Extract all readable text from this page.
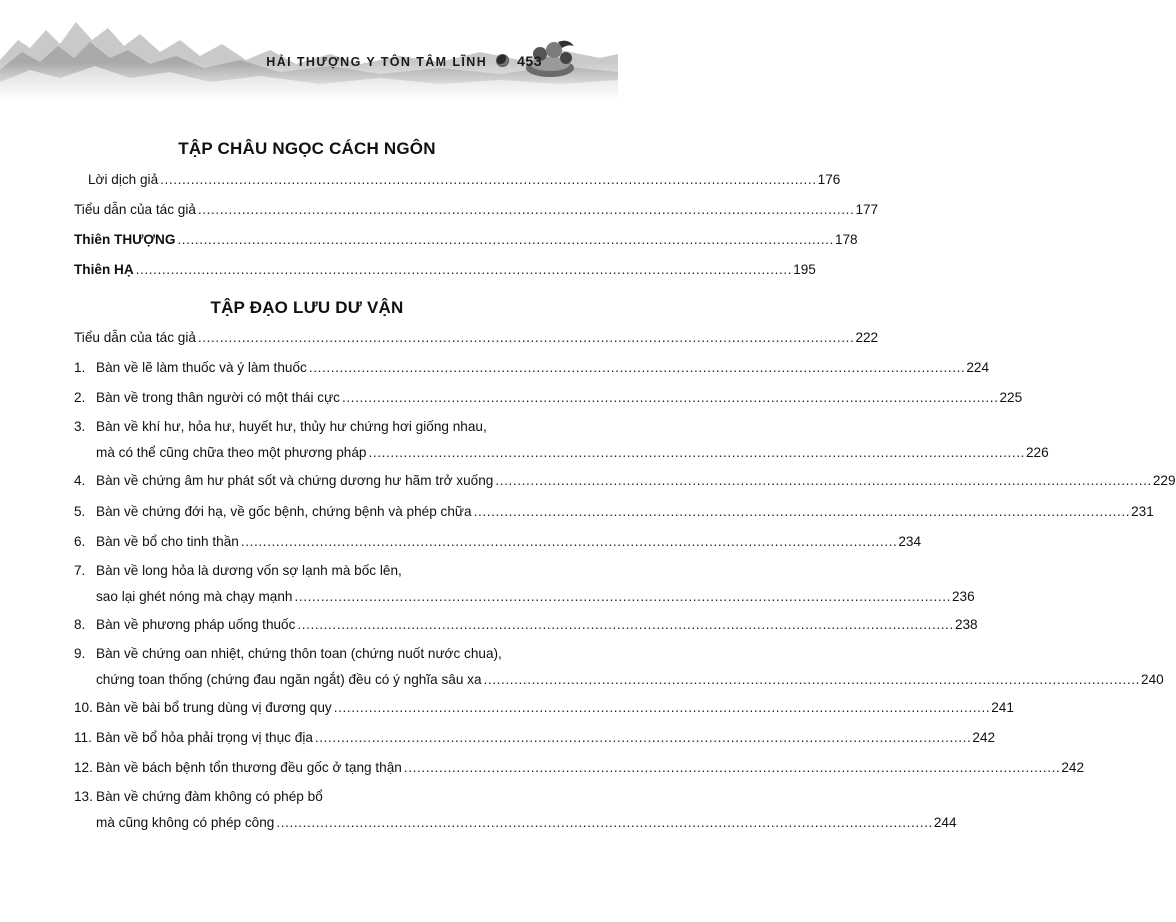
HẢI THƯỢNG Y TÔN TÂM LĨNH 453
TẬP CHÂU NGỌC CÁCH NGÔN
Lời dịch giả ...................................................................................................................................................... 176
Tiểu dẫn của tác giả ...................................................................................................................................................... 177
Thiên THƯỢNG ...................................................................................................................................................... 178
Thiên HẠ ...................................................................................................................................................... 195
TẬP ĐẠO LƯU DƯ VẬN
Tiểu dẫn của tác giả ...................................................................................................................................................... 222
1. Bàn về lẽ làm thuốc và ý làm thuốc ...................................................................................................................................................... 224
2. Bàn về trong thân người có một thái cực ...................................................................................................................................................... 225
3. Bàn về khí hư, hỏa hư, huyết hư, thủy hư chứng hơi giống nhau,
mà có thể cũng chữa theo một phương pháp ...................................................................................................................................................... 226
4. Bàn về chứng âm hư phát sốt và chứng dương hư hãm trở xuống ...................................................................................................................................................... 229
5. Bàn về chứng đới hạ, về gốc bệnh, chứng bệnh và phép chữa ...................................................................................................................................................... 231
6. Bàn về bổ cho tinh thần ...................................................................................................................................................... 234
7. Bàn về long hỏa là dương vốn sợ lạnh mà bốc lên,
sao lại ghét nóng mà chạy mạnh ...................................................................................................................................................... 236
8. Bàn về phương pháp uống thuốc ...................................................................................................................................................... 238
9. Bàn về chứng oan nhiệt, chứng thôn toan (chứng nuốt nước chua),
chứng toan thống (chứng đau ngăn ngắt) đều có ý nghĩa sâu xa ...................................................................................................................................................... 240
10. Bàn về bài bổ trung dùng vị đương quy ...................................................................................................................................................... 241
11. Bàn về bổ hỏa phải trọng vị thục địa ...................................................................................................................................................... 242
12. Bàn về bách bệnh tổn thương đều gốc ở tạng thận ...................................................................................................................................................... 242
13. Bàn về chứng đàm không có phép bổ
mà cũng không có phép công ...................................................................................................................................................... 244
